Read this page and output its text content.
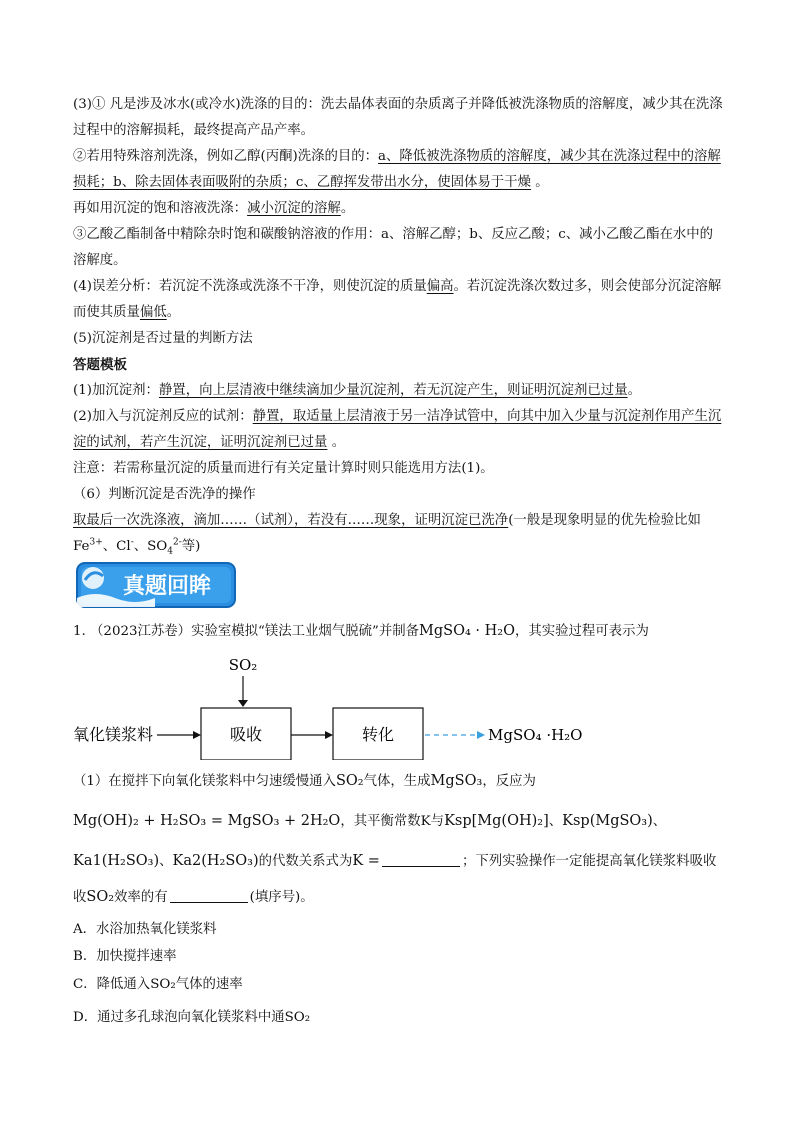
(3)① 凡是涉及冰水(或冷水)洗涤的目的：洗去晶体表面的杂质离子并降低被洗涤物质的溶解度，减少其在洗涤过程中的溶解损耗，最终提高产品产率。

②若用特殊溶剂洗涤，例如乙醇(丙酮)洗涤的目的：a、降低被洗涤物质的溶解度，减少其在洗涤过程中的溶解损耗；b、除去固体表面吸附的杂质；c、乙醇挥发带出水分，使固体易于干燥 。

再如用沉淀的饱和溶液洗涤：减小沉淀的溶解。

③乙酸乙酯制备中精除杂时饱和碳酸钠溶液的作用：a、溶解乙醇；b、反应乙酸；c、减小乙酸乙酯在水中的溶解度。

(4)误差分析：若沉淀不洗涤或洗涤不干净，则使沉淀的质量偏高。若沉淀洗涤次数过多，则会使部分沉淀溶解而使其质量偏低。

(5)沉淀剂是否过量的判断方法

答题模板

(1)加沉淀剂：静置，向上层清液中继续滴加少量沉淀剂，若无沉淀产生，则证明沉淀剂已过量。

(2)加入与沉淀剂反应的试剂：静置，取适量上层清液于另一洁净试管中，向其中加入少量与沉淀剂作用产生沉淀的试剂，若产生沉淀，证明沉淀剂已过量 。

注意：若需称量沉淀的质量而进行有关定量计算时则只能选用方法(1)。

（6）判断沉淀是否洗净的操作

取最后一次洗涤液，滴加……（试剂），若没有……现象，证明沉淀已洗净(一般是现象明显的优先检验比如$Fe^{3+}$、Cl-、$SO_4^{2-}$等)

真题回眸
1. （2023江苏卷）实验室模拟“镁法工业烟气脱硫”并制备MgSO₄ · H₂O，其实验过程可表示为
SO₂
氧化镁浆料	吸收	转化	MgSO₄ ·H₂O
（1）在搅拌下向氧化镁浆料中匀速缓慢通入SO₂气体，生成MgSO₃，反应为
Mg(OH)₂ + H₂SO₃ = MgSO₃ + 2H₂O，其平衡常数K与Ksp[Mg(OH)₂]、Ksp(MgSO₃)、
Ka1(H₂SO₃)、Ka2(H₂SO₃)的代数关系式为K =	；下列实验操作一定能提高氧化镁浆料吸收
收SO₂效率的有	(填序号)。
A．水浴加热氧化镁浆料
B．加快搅拌速率
C．降低通入SO₂气体的速率
D．通过多孔球泡向氧化镁浆料中通SO₂
